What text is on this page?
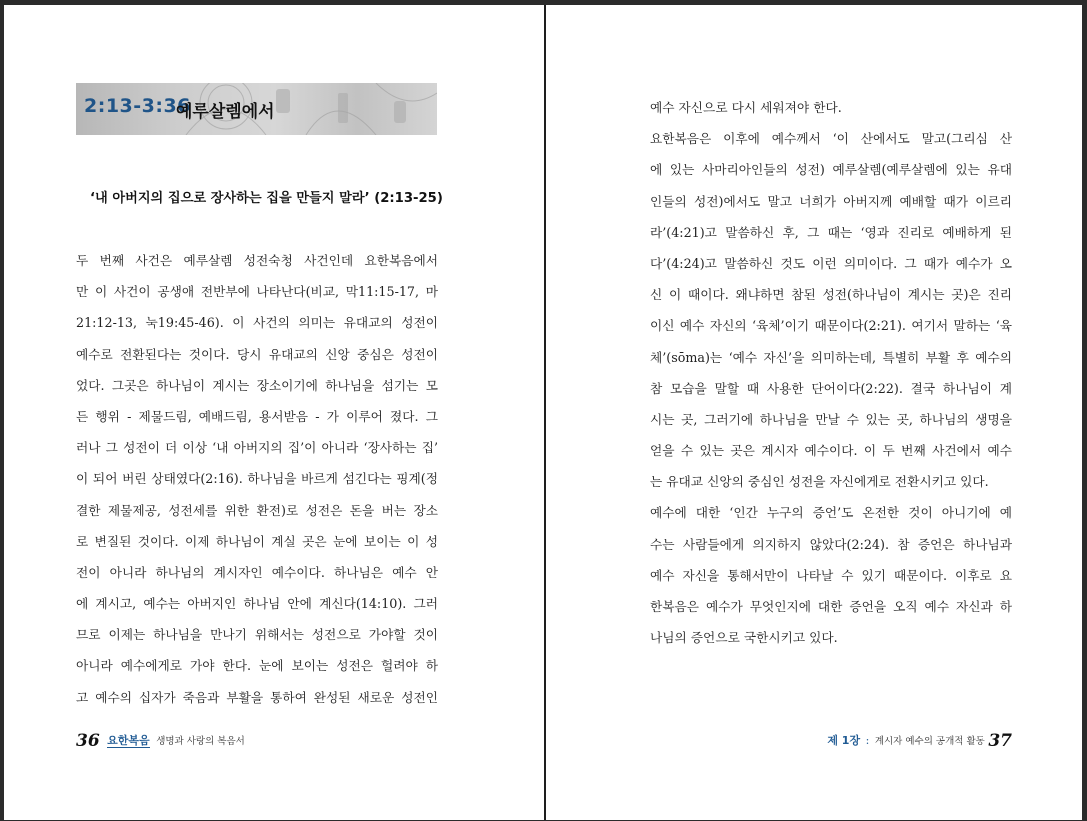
2:13-3:36
예루살렘에서
‘내 아버지의 집으로 장사하는 집을 만들지 말라’ (2:13-25)
두 번째 사건은 예루살렘 성전숙청 사건인데 요한복음에서
만 이 사건이 공생애 전반부에 나타난다(비교, 막11:15-17, 마
21:12-13, 눅19:45-46). 이 사건의 의미는 유대교의 성전이
예수로 전환된다는 것이다. 당시 유대교의 신앙 중심은 성전이
었다. 그곳은 하나님이 계시는 장소이기에 하나님을 섬기는 모
든 행위 - 제물드림, 예배드림, 용서받음 - 가 이루어 졌다. 그
러나 그 성전이 더 이상 ‘내 아버지의 집’이 아니라 ‘장사하는 집’
이 되어 버린 상태였다(2:16). 하나님을 바르게 섬긴다는 핑계(정
결한 제물제공, 성전세를 위한 환전)로 성전은 돈을 버는 장소
로 변질된 것이다. 이제 하나님이 계실 곳은 눈에 보이는 이 성
전이 아니라 하나님의 계시자인 예수이다. 하나님은 예수 안
에 계시고, 예수는 아버지인 하나님 안에 계신다(14:10). 그러
므로 이제는 하나님을 만나기 위해서는 성전으로 가야할 것이
아니라 예수에게로 가야 한다. 눈에 보이는 성전은 헐려야 하
고 예수의 십자가 죽음과 부활을 통하여 완성된 새로운 성전인
36 요한복음 생명과 사랑의 복음서
예수 자신으로 다시 세워져야 한다.
요한복음은 이후에 예수께서 ‘이 산에서도 말고(그리심 산
에 있는 사마리아인들의 성전) 예루살렘(예루살렘에 있는 유대
인들의 성전)에서도 말고 너희가 아버지께 예배할 때가 이르리
라’(4:21)고 말씀하신 후, 그 때는 ‘영과 진리로 예배하게 된
다’(4:24)고 말씀하신 것도 이런 의미이다. 그 때가 예수가 오
신 이 때이다. 왜냐하면 참된 성전(하나님이 계시는 곳)은 진리
이신 예수 자신의 ‘육체’이기 때문이다(2:21). 여기서 말하는 ‘육
체’(sōma)는 ‘예수 자신’을 의미하는데, 특별히 부활 후 예수의
참 모습을 말할 때 사용한 단어이다(2:22). 결국 하나님이 계
시는 곳, 그러기에 하나님을 만날 수 있는 곳, 하나님의 생명을
얻을 수 있는 곳은 계시자 예수이다. 이 두 번째 사건에서 예수
는 유대교 신앙의 중심인 성전을 자신에게로 전환시키고 있다.
예수에 대한 ‘인간 누구의 증언’도 온전한 것이 아니기에 예
수는 사람들에게 의지하지 않았다(2:24). 참 증언은 하나님과
예수 자신을 통해서만이 나타날 수 있기 때문이다. 이후로 요
한복음은 예수가 무엇인지에 대한 증언을 오직 예수 자신과 하
나님의 증언으로 국한시키고 있다.
제 1장 : 계시자 예수의 공개적 활동 37
